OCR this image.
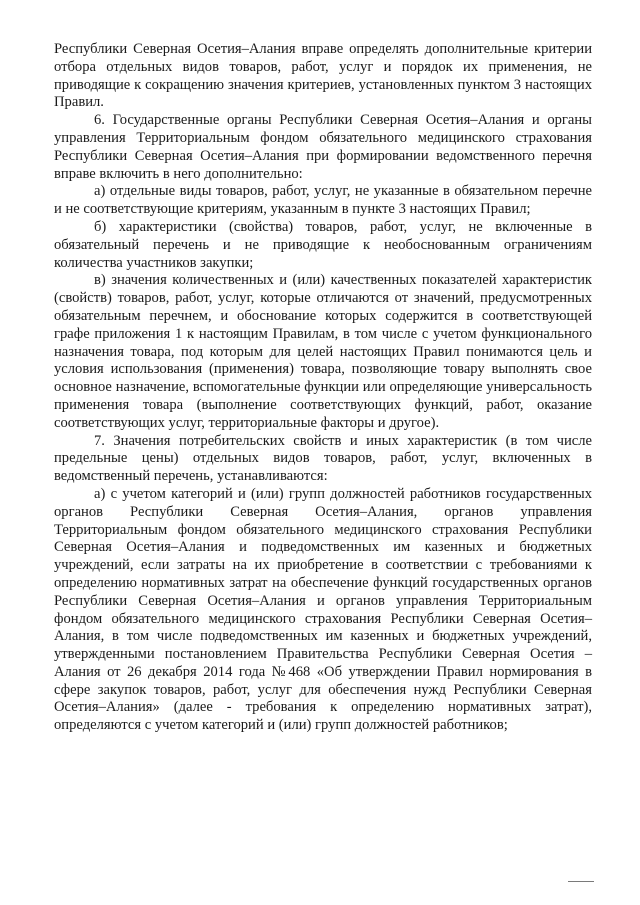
Республики Северная Осетия–Алания вправе определять дополнительные критерии отбора отдельных видов товаров, работ, услуг и порядок их применения, не приводящие к сокращению значения критериев, установленных пунктом 3 настоящих Правил.

6. Государственные органы Республики Северная Осетия–Алания и органы управления Территориальным фондом обязательного медицинского страхования Республики Северная Осетия–Алания при формировании ведомственного перечня вправе включить в него дополнительно:

а) отдельные виды товаров, работ, услуг, не указанные в обязательном перечне и не соответствующие критериям, указанным в пункте 3 настоящих Правил;

б) характеристики (свойства) товаров, работ, услуг, не включенные в обязательный перечень и не приводящие к необоснованным ограничениям количества участников закупки;

в) значения количественных и (или) качественных показателей характеристик (свойств) товаров, работ, услуг, которые отличаются от значений, предусмотренных обязательным перечнем, и обоснование которых содержится в соответствующей графе приложения 1 к настоящим Правилам, в том числе с учетом функционального назначения товара, под которым для целей настоящих Правил понимаются цель и условия использования (применения) товара, позволяющие товару выполнять свое основное назначение, вспомогательные функции или определяющие универсальность применения товара (выполнение соответствующих функций, работ, оказание соответствующих услуг, территориальные факторы и другое).

7. Значения потребительских свойств и иных характеристик (в том числе предельные цены) отдельных видов товаров, работ, услуг, включенных в ведомственный перечень, устанавливаются:

а) с учетом категорий и (или) групп должностей работников государственных органов Республики Северная Осетия–Алания, органов управления Территориальным фондом обязательного медицинского страхования Республики Северная Осетия–Алания и подведомственных им казенных и бюджетных учреждений, если затраты на их приобретение в соответствии с требованиями к определению нормативных затрат на обеспечение функций государственных органов Республики Северная Осетия–Алания и органов управления Территориальным фондом обязательного медицинского страхования Республики Северная Осетия–Алания, в том числе подведомственных им казенных и бюджетных учреждений, утвержденными постановлением Правительства Республики Северная Осетия – Алания от 26 декабря 2014 года №468 «Об утверждении Правил нормирования в сфере закупок товаров, работ, услуг для обеспечения нужд Республики Северная Осетия–Алания» (далее - требования к определению нормативных затрат), определяются с учетом категорий и (или) групп должностей работников;
